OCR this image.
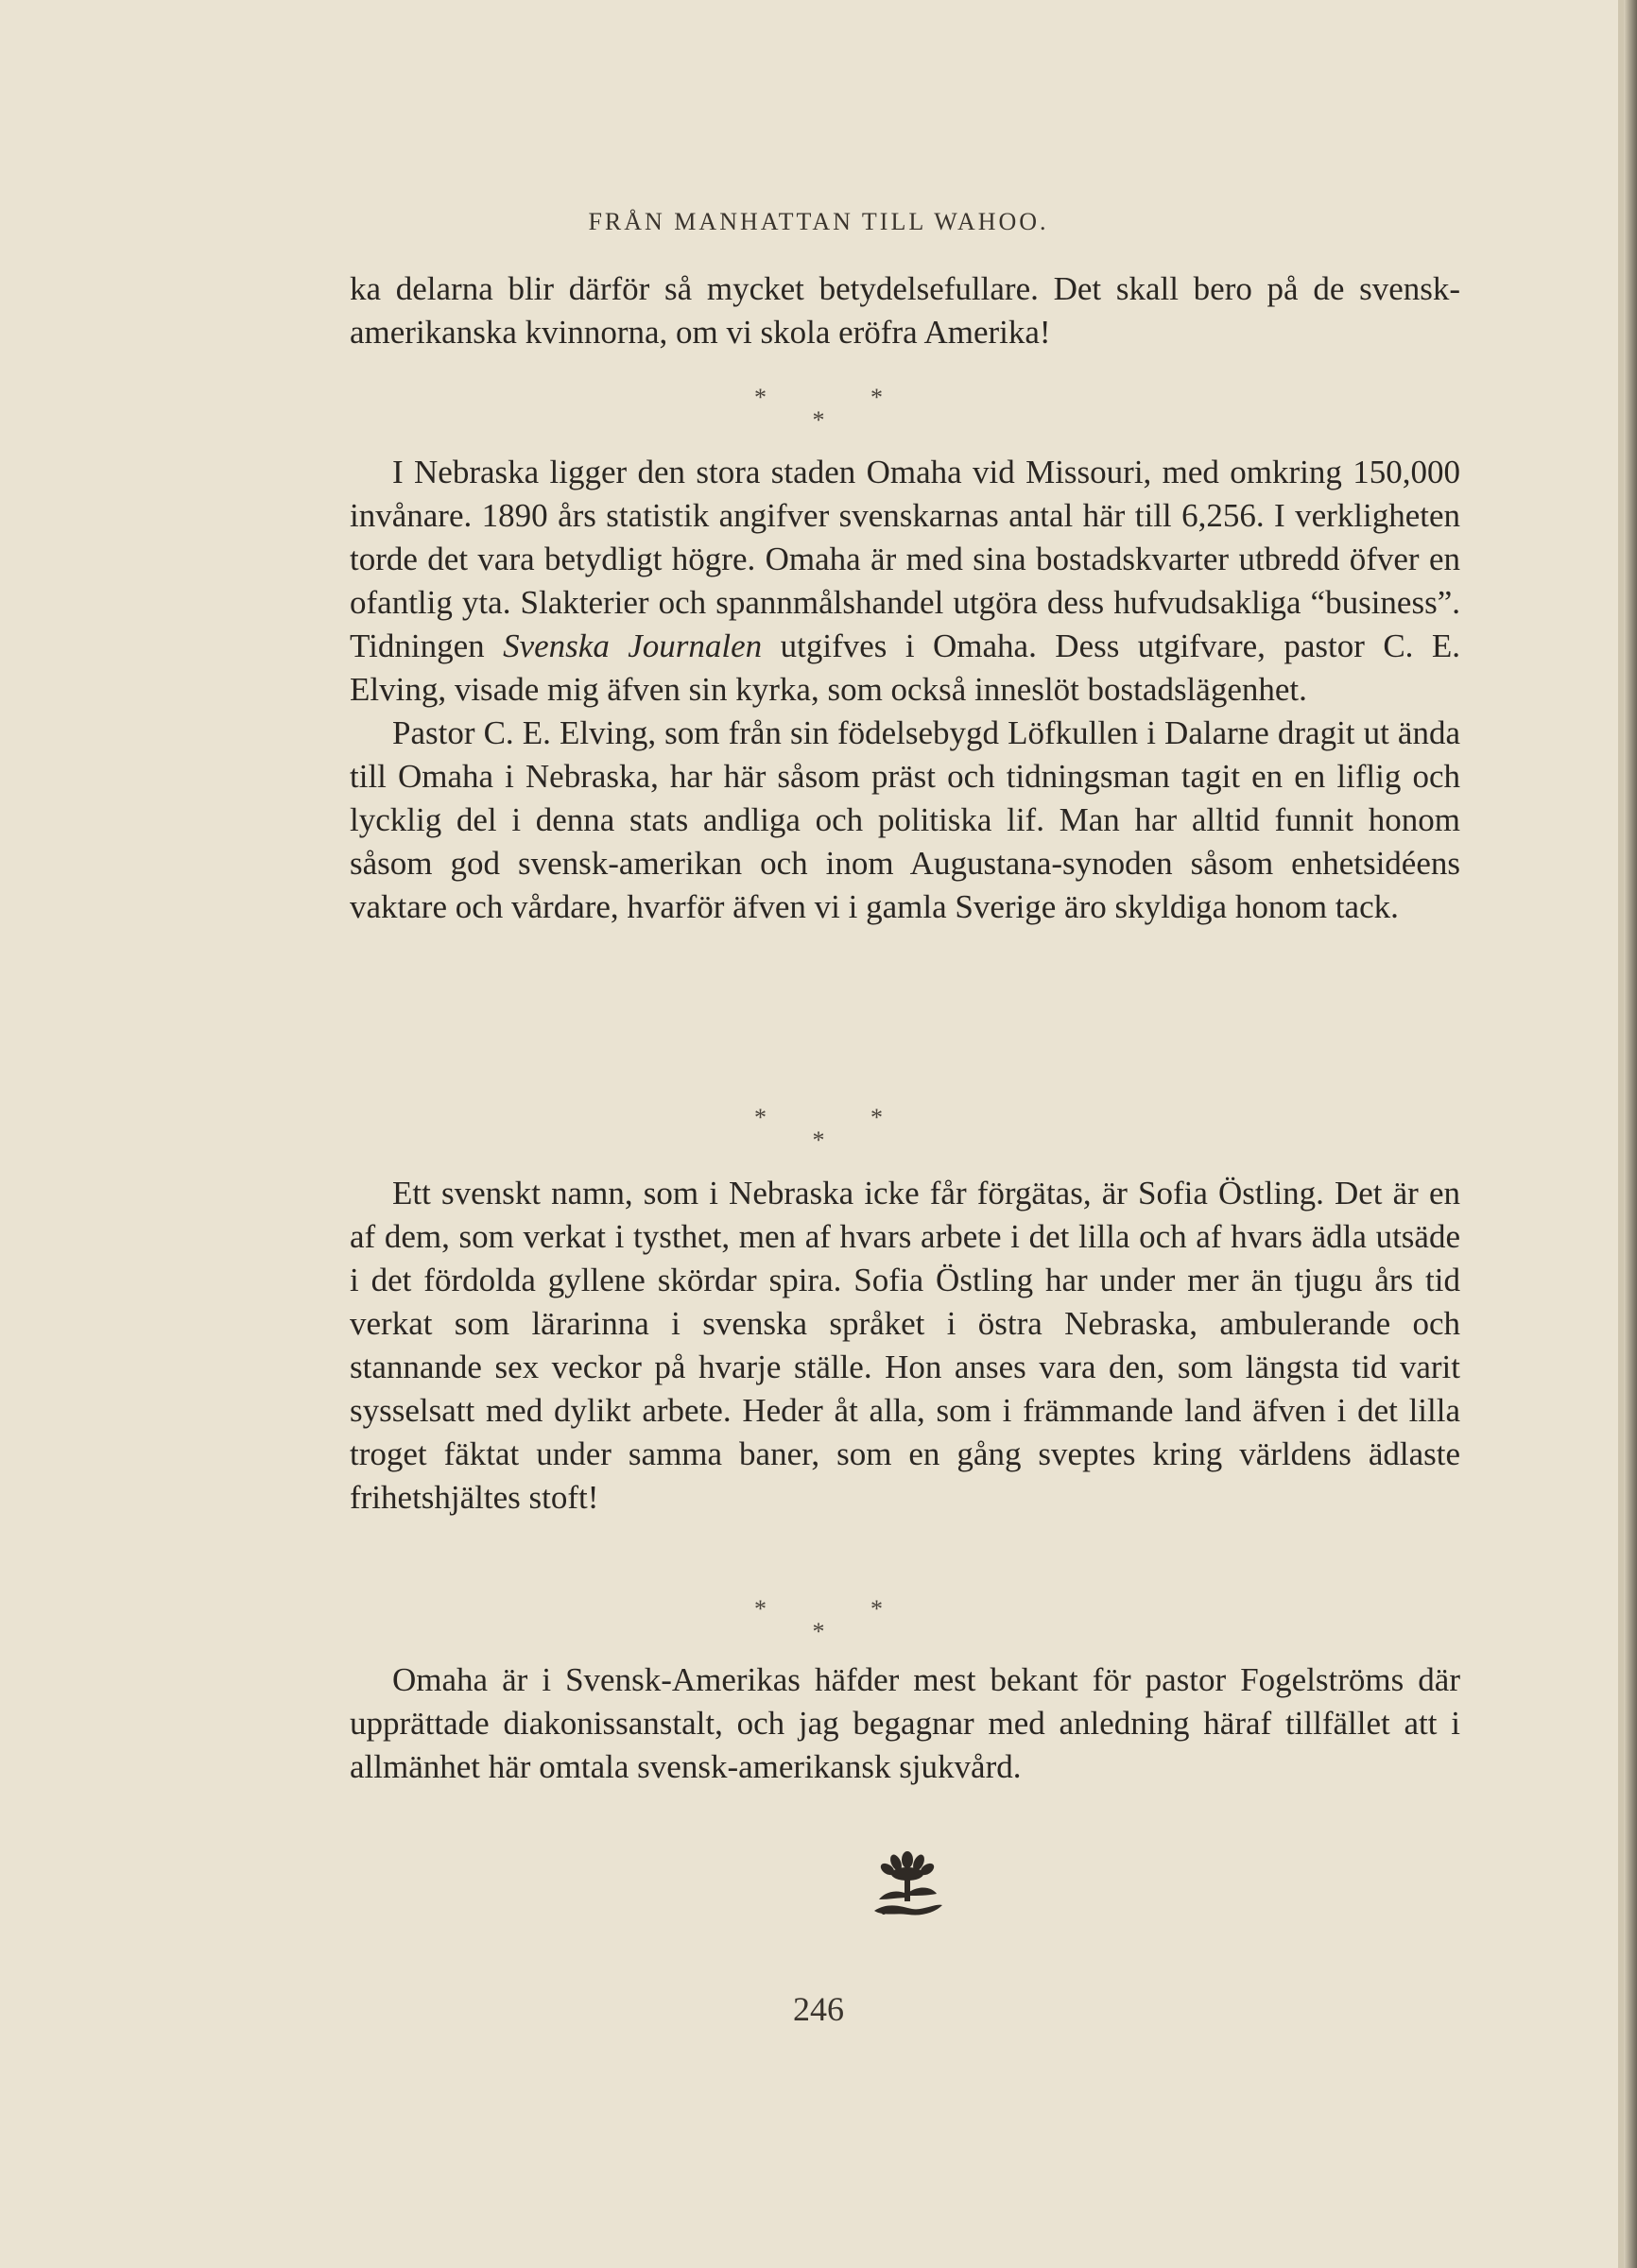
FRÅN MANHATTAN TILL WAHOO.

ka delarna blir därför så mycket betydelsefullare. Det skall bero på de svensk-amerikanska kvinnorna, om vi skola eröfra Amerika!

*	*
*

I Nebraska ligger den stora staden Omaha vid Missouri, med omkring 150,000 invånare. 1890 års statistik angifver svenskarnas antal här till 6,256. I verkligheten torde det vara betydligt högre. Omaha är med sina bostadskvarter utbredd öfver en ofantlig yta. Slakterier och spannmålshandel utgöra dess hufvudsakliga “business”. Tidningen Svenska Journalen utgifves i Omaha. Dess utgifvare, pastor C. E. Elving, visade mig äfven sin kyrka, som också inneslöt bostadslägenhet.

Pastor C. E. Elving, som från sin födelsebygd Löfkullen i Dalarne dragit ut ända till Omaha i Nebraska, har här såsom präst och tidningsman tagit en en liflig och lycklig del i denna stats andliga och politiska lif. Man har alltid funnit honom såsom god svensk-amerikan och inom Augustana-synoden såsom enhetsidéens vaktare och vårdare, hvarför äfven vi i gamla Sverige äro skyldiga honom tack.

*	*
*

Ett svenskt namn, som i Nebraska icke får förgätas, är Sofia Östling. Det är en af dem, som verkat i tysthet, men af hvars arbete i det lilla och af hvars ädla utsäde i det fördolda gyllene skördar spira. Sofia Östling har under mer än tjugu års tid verkat som lärarinna i svenska språket i östra Nebraska, ambulerande och stannande sex veckor på hvarje ställe. Hon anses vara den, som längsta tid varit sysselsatt med dylikt arbete. Heder åt alla, som i främmande land äfven i det lilla troget fäktat under samma baner, som en gång sveptes kring världens ädlaste frihetshjältes stoft!

*	*
*

Omaha är i Svensk-Amerikas häfder mest bekant för pastor Fogelströms där upprättade diakonissanstalt, och jag begagnar med anledning häraf tillfället att i allmänhet här omtala svensk-amerikansk sjukvård.

246
